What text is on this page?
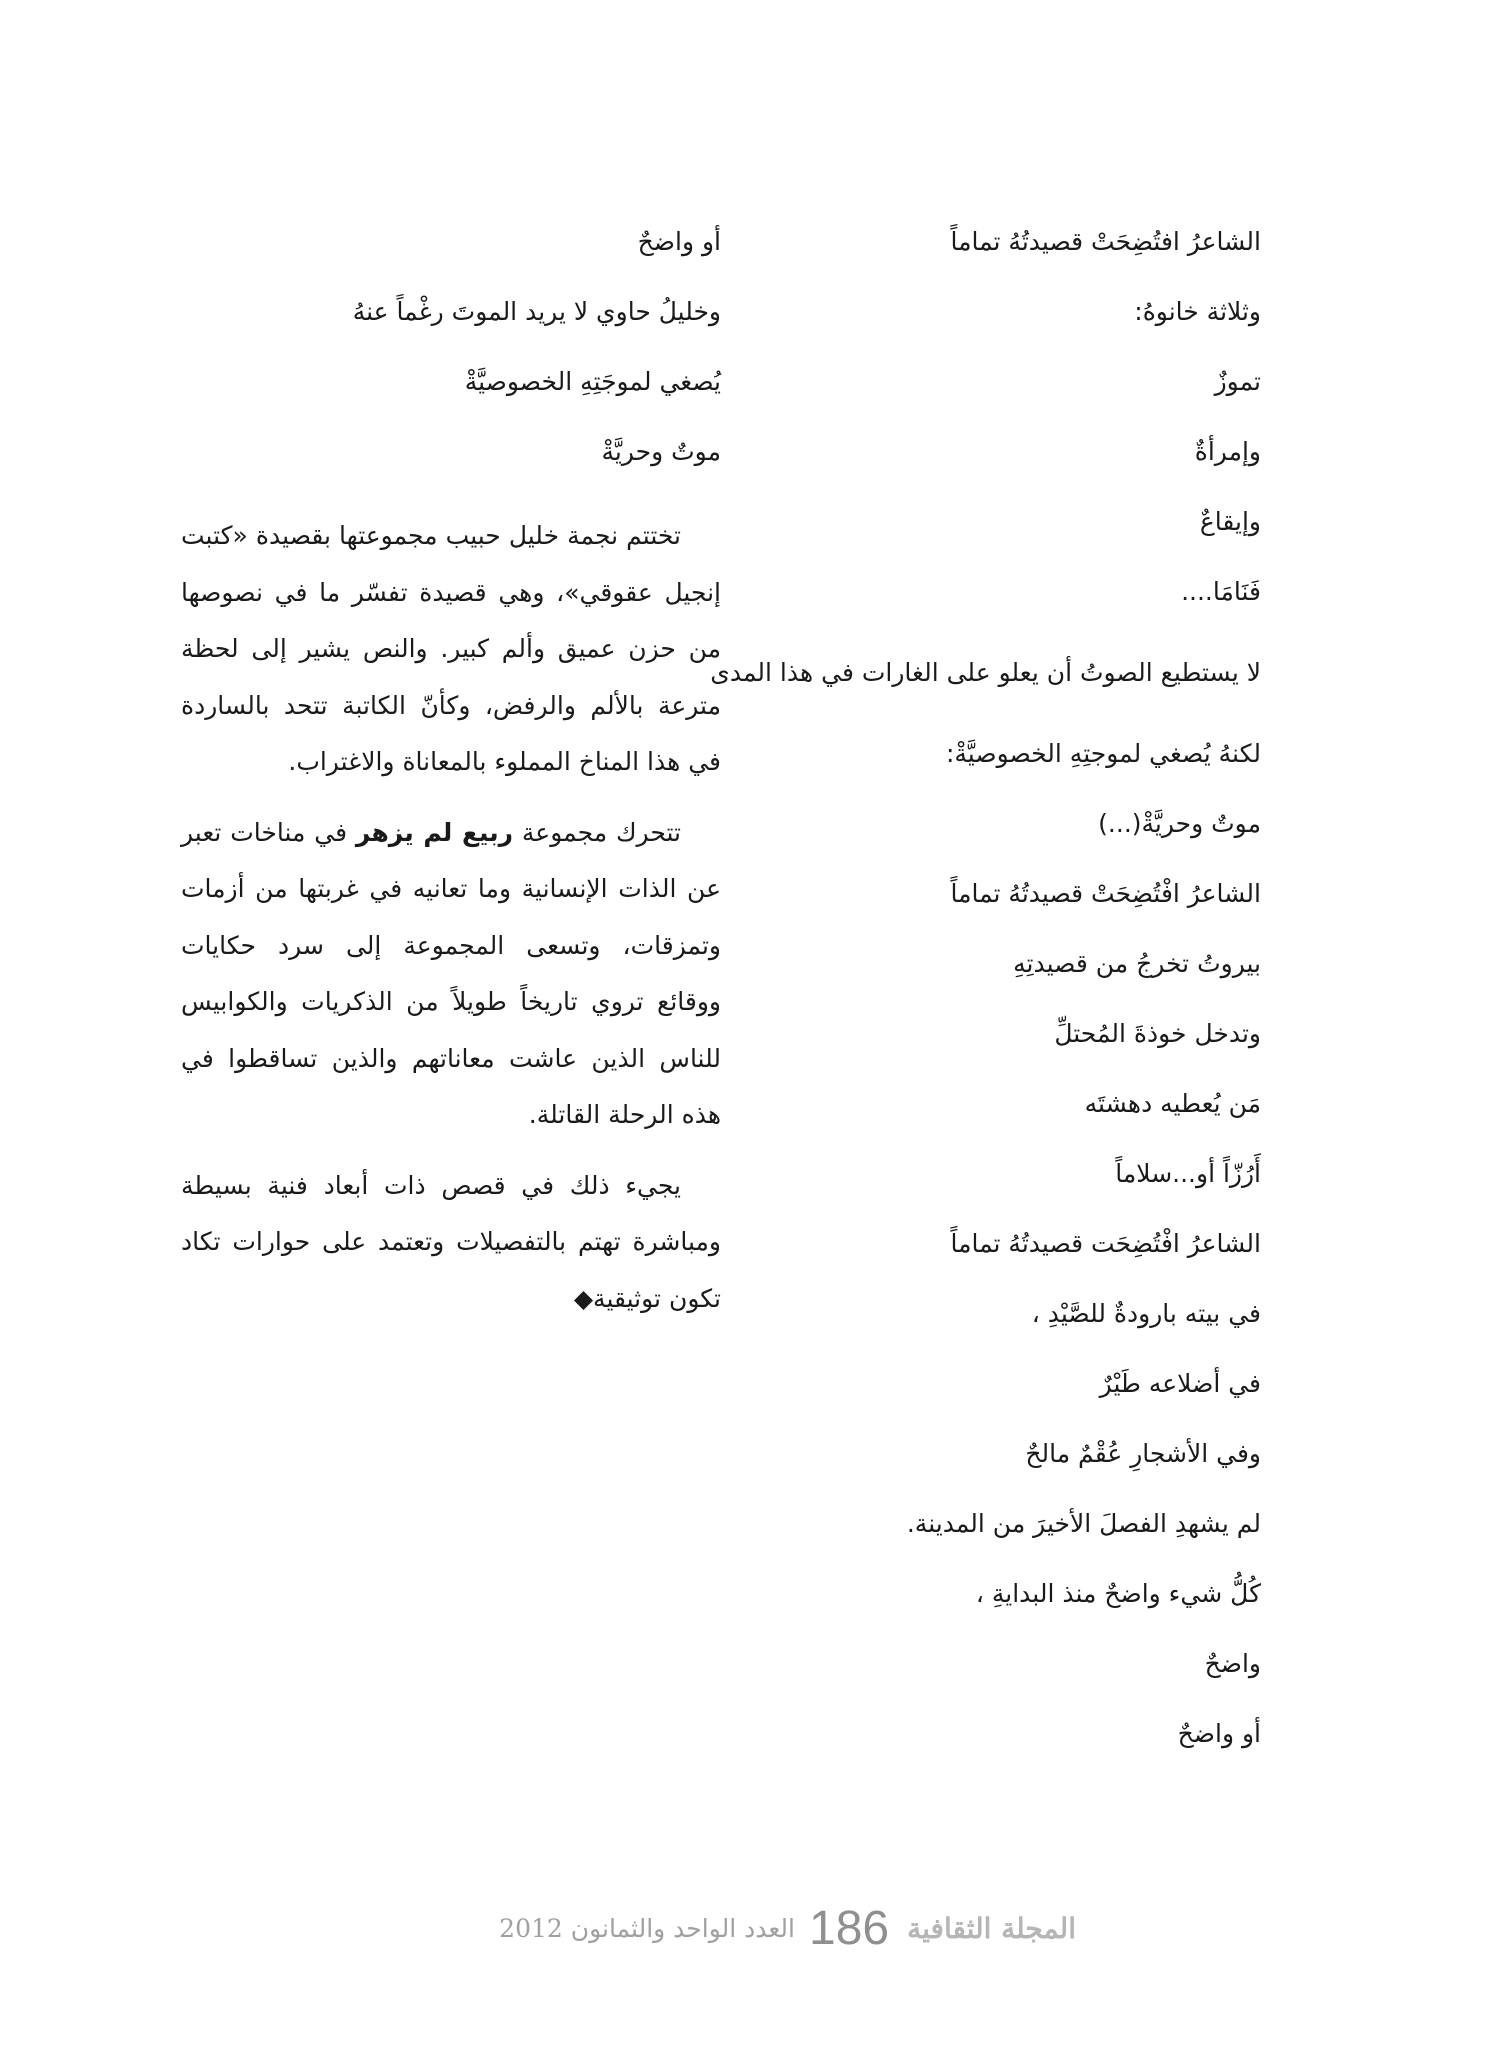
الشاعرُ افتُضِحَتْ قصيدتُهُ تماماً
وثلاثة خانوهُ:
تموزٌ
وإمرأةٌ
وإيقاعٌ
فَنَامَا....
لا يستطيع الصوتُ أن يعلو على الغارات في هذا المدى
لكنهُ يُصغي لموجتِهِ الخصوصيَّةْ:
موتٌ وحريَّةْ(...)
الشاعرُ افْتُضِحَتْ قصيدتُهُ تماماً
بيروتُ تخرجُ من قصيدتِهِ
وتدخل خوذةَ المُحتلِّ
مَن يُعطيه دهشتَه
أَرُزّاً أو...سلاماً
الشاعرُ افْتُضِحَت قصيدتُهُ تماماً
في بيته بارودةٌ للصَّيْدِ ،
في أضلاعه طَيْرٌ
وفي الأشجارِ عُقْمٌ مالحٌ
لم يشهدِ الفصلَ الأخيرَ من المدينة.
كُلُّ شيء واضحٌ منذ البدايةِ ،
واضحٌ
أو واضحٌ
أو واضحٌ
وخليلُ حاوي لا يريد الموتَ رغْماً عنهُ
يُصغي لموجَتِهِ الخصوصيَّةْ
موتٌ وحريَّةْ

تختتم نجمة خليل حبيب مجموعتها بقصيدة «كتبت إنجيل عقوقي»، وهي قصيدة تفسّر ما في نصوصها من حزن عميق وألم كبير. والنص يشير إلى لحظة مترعة بالألم والرفض، وكأنّ الكاتبة تتحد بالساردة في هذا المناخ المملوء بالمعاناة والاغتراب.

تتحرك مجموعة ربيع لم يزهر في مناخات تعبر عن الذات الإنسانية وما تعانيه في غربتها من أزمات وتمزقات، وتسعى المجموعة إلى سرد حكايات ووقائع تروي تاريخاً طويلاً من الذكريات والكوابيس للناس الذين عاشت معاناتهم والذين تساقطوا في هذه الرحلة القاتلة.

يجيء ذلك في قصص ذات أبعاد فنية بسيطة ومباشرة تهتم بالتفصيلات وتعتمد على حوارات تكاد تكون توثيقية◆

المجلة الثقافية
186
العدد الواحد والثمانون 2012
